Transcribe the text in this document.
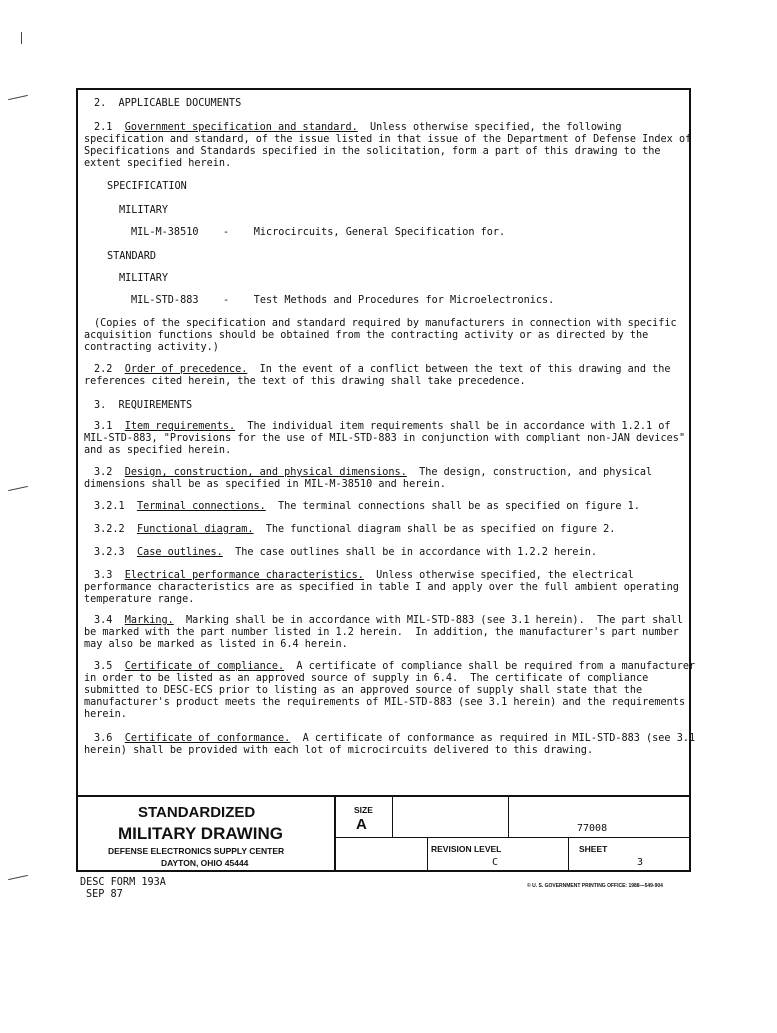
2.  APPLICABLE DOCUMENTS
2.1 Government specification and standard.  Unless otherwise specified, the following
specification and standard, of the issue listed in that issue of the Department of Defense Index of
Specifications and Standards specified in the solicitation, form a part of this drawing to the
extent specified herein.
SPECIFICATION
MILITARY
MIL-M-38510 - Microcircuits, General Specification for.
STANDARD
MILITARY
MIL-STD-883 - Test Methods and Procedures for Microelectronics.
(Copies of the specification and standard required by manufacturers in connection with specific
acquisition functions should be obtained from the contracting activity or as directed by the
contracting activity.)
2.2 Order of precedence.  In the event of a conflict between the text of this drawing and the
references cited herein, the text of this drawing shall take precedence.
3.  REQUIREMENTS
3.1 Item requirements.  The individual item requirements shall be in accordance with 1.2.1 of
MIL-STD-883, "Provisions for the use of MIL-STD-883 in conjunction with compliant non-JAN devices"
and as specified herein.
3.2 Design, construction, and physical dimensions.  The design, construction, and physical
dimensions shall be as specified in MIL-M-38510 and herein.
3.2.1 Terminal connections.  The terminal connections shall be as specified on figure 1.
3.2.2 Functional diagram.  The functional diagram shall be as specified on figure 2.
3.2.3 Case outlines.  The case outlines shall be in accordance with 1.2.2 herein.
3.3 Electrical performance characteristics.  Unless otherwise specified, the electrical
performance characteristics are as specified in table I and apply over the full ambient operating
temperature range.
3.4 Marking.  Marking shall be in accordance with MIL-STD-883 (see 3.1 herein).  The part shall
be marked with the part number listed in 1.2 herein.  In addition, the manufacturer's part number
may also be marked as listed in 6.4 herein.
3.5 Certificate of compliance.  A certificate of compliance shall be required from a manufacturer
in order to be listed as an approved source of supply in 6.4.  The certificate of compliance
submitted to DESC-ECS prior to listing as an approved source of supply shall state that the
manufacturer's product meets the requirements of MIL-STD-883 (see 3.1 herein) and the requirements
herein.
3.6 Certificate of conformance.  A certificate of conformance as required in MIL-STD-883 (see 3.1
herein) shall be provided with each lot of microcircuits delivered to this drawing.
STANDARDIZED
MILITARY DRAWING
DEFENSE ELECTRONICS SUPPLY CENTER
DAYTON, OHIO 45444
SIZE
A	77008
REVISION LEVEL
C
SHEET
3
DESC FORM 193A
SEP 87
© U. S. GOVERNMENT PRINTING OFFICE: 1988—549-904
